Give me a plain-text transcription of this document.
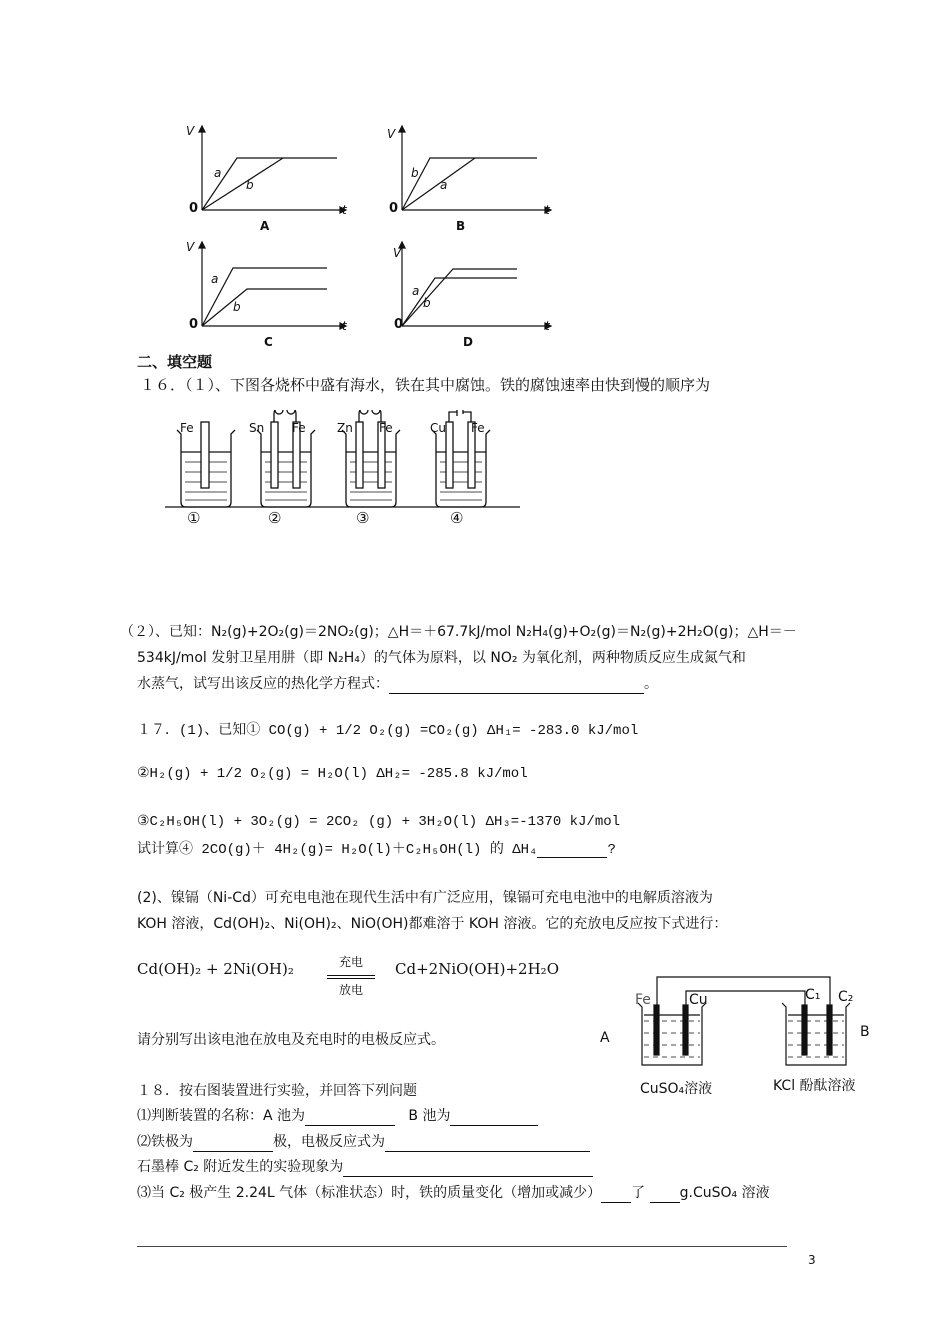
V
t
0
a
b
A
V
t
0
b
a
B
V
t
0
a
b
C
V
t
0
a
b
D
二、填空题
１６．（１）、下图各烧杯中盛有海水，铁在其中腐蚀。铁的腐蚀速率由快到慢的顺序为
Fe	Sn Fe	Zn Fe	Cu Fe
①	②	③	④
（２）、已知：N₂(g)+2O₂(g)＝2NO₂(g)；△H＝＋67.7kJ/mol N₂H₄(g)+O₂(g)＝N₂(g)+2H₂O(g)；△H＝－
534kJ/mol 发射卫星用肼（即 N₂H₄）的气体为原料，以 NO₂ 为氧化剂，两种物质反应生成氮气和
水蒸气，试写出该反应的热化学方程式：	。
１７．(1)、已知① CO(g) + 1/2 O₂(g) =CO₂(g) ΔH₁= -283.0 kJ/mol
②H₂(g) + 1/2 O₂(g) = H₂O(l) ΔH₂= -285.8 kJ/mol
③C₂H₅OH(l) + 3O₂(g) = 2CO₂ (g) + 3H₂O(l) ΔH₃=-1370 kJ/mol
试计算④ 2CO(g)＋ 4H₂(g)= H₂O(l)＋C₂H₅OH(l) 的 ΔH₄	?
(2)、镍镉（Ni-Cd）可充电电池在现代生活中有广泛应用，镍镉可充电电池中的电解质溶液为
KOH 溶液，Cd(OH)₂、Ni(OH)₂、NiO(OH)都难溶于 KOH 溶液。它的充放电反应按下式进行：
Cd(OH)₂ + 2Ni(OH)₂	充电
放电
Cd+2NiO(OH)+2H₂O
请分别写出该电池在放电及充电时的电极反应式。
Fe	Cu	C₁ C₂
A	B
CuSO₄溶液	KCl 酚酞溶液
１８．按右图装置进行实验，并回答下列问题
⑴判断装置的名称：A 池为	B 池为
⑵铁极为	极，电极反应式为
石墨棒 C₂ 附近发生的实验现象为
⑶当 C₂ 极产生 2.24L 气体（标准状态）时，铁的质量变化（增加或减少） 了 g.CuSO₄ 溶液
3
